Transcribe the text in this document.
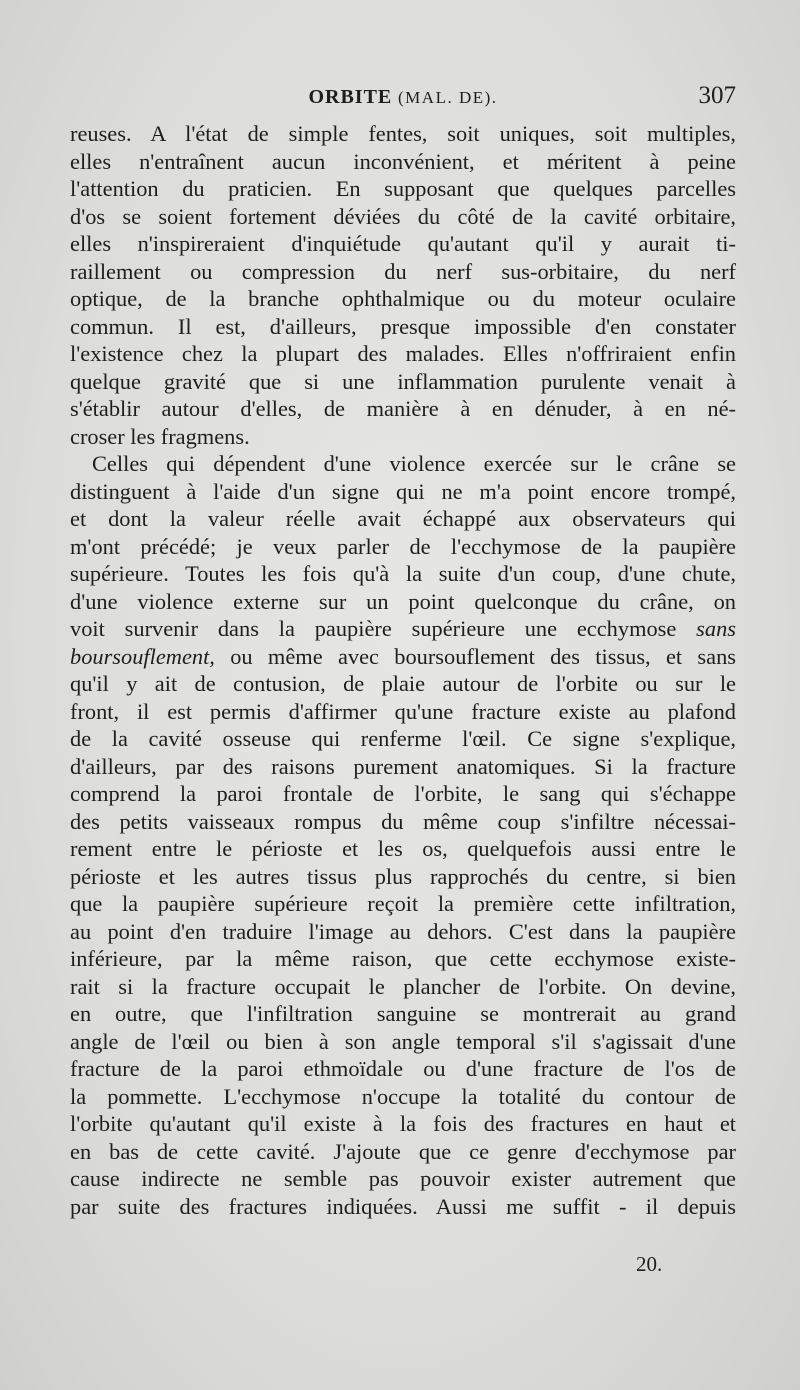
ORBITE (MAL. DE).	307
reuses. A l'état de simple fentes, soit uniques, soit multiples,
elles n'entraînent aucun inconvénient, et méritent à peine
l'attention du praticien. En supposant que quelques parcelles
d'os se soient fortement déviées du côté de la cavité orbitaire,
elles n'inspireraient d'inquiétude qu'autant qu'il y aurait ti-
raillement ou compression du nerf sus-orbitaire, du nerf
optique, de la branche ophthalmique ou du moteur oculaire
commun. Il est, d'ailleurs, presque impossible d'en constater
l'existence chez la plupart des malades. Elles n'offriraient enfin
quelque gravité que si une inflammation purulente venait à
s'établir autour d'elles, de manière à en dénuder, à en né-
croser les fragmens.
Celles qui dépendent d'une violence exercée sur le crâne se
distinguent à l'aide d'un signe qui ne m'a point encore trompé,
et dont la valeur réelle avait échappé aux observateurs qui
m'ont précédé; je veux parler de l'ecchymose de la paupière
supérieure. Toutes les fois qu'à la suite d'un coup, d'une chute,
d'une violence externe sur un point quelconque du crâne, on
voit survenir dans la paupière supérieure une ecchymose sans
boursouflement, ou même avec boursouflement des tissus, et sans
qu'il y ait de contusion, de plaie autour de l'orbite ou sur le
front, il est permis d'affirmer qu'une fracture existe au plafond
de la cavité osseuse qui renferme l'œil. Ce signe s'explique,
d'ailleurs, par des raisons purement anatomiques. Si la fracture
comprend la paroi frontale de l'orbite, le sang qui s'échappe
des petits vaisseaux rompus du même coup s'infiltre nécessai-
rement entre le périoste et les os, quelquefois aussi entre le
périoste et les autres tissus plus rapprochés du centre, si bien
que la paupière supérieure reçoit la première cette infiltration,
au point d'en traduire l'image au dehors. C'est dans la paupière
inférieure, par la même raison, que cette ecchymose existe-
rait si la fracture occupait le plancher de l'orbite. On devine,
en outre, que l'infiltration sanguine se montrerait au grand
angle de l'œil ou bien à son angle temporal s'il s'agissait d'une
fracture de la paroi ethmoïdale ou d'une fracture de l'os de
la pommette. L'ecchymose n'occupe la totalité du contour de
l'orbite qu'autant qu'il existe à la fois des fractures en haut et
en bas de cette cavité. J'ajoute que ce genre d'ecchymose par
cause indirecte ne semble pas pouvoir exister autrement que
par suite des fractures indiquées. Aussi me suffit - il depuis
20.
